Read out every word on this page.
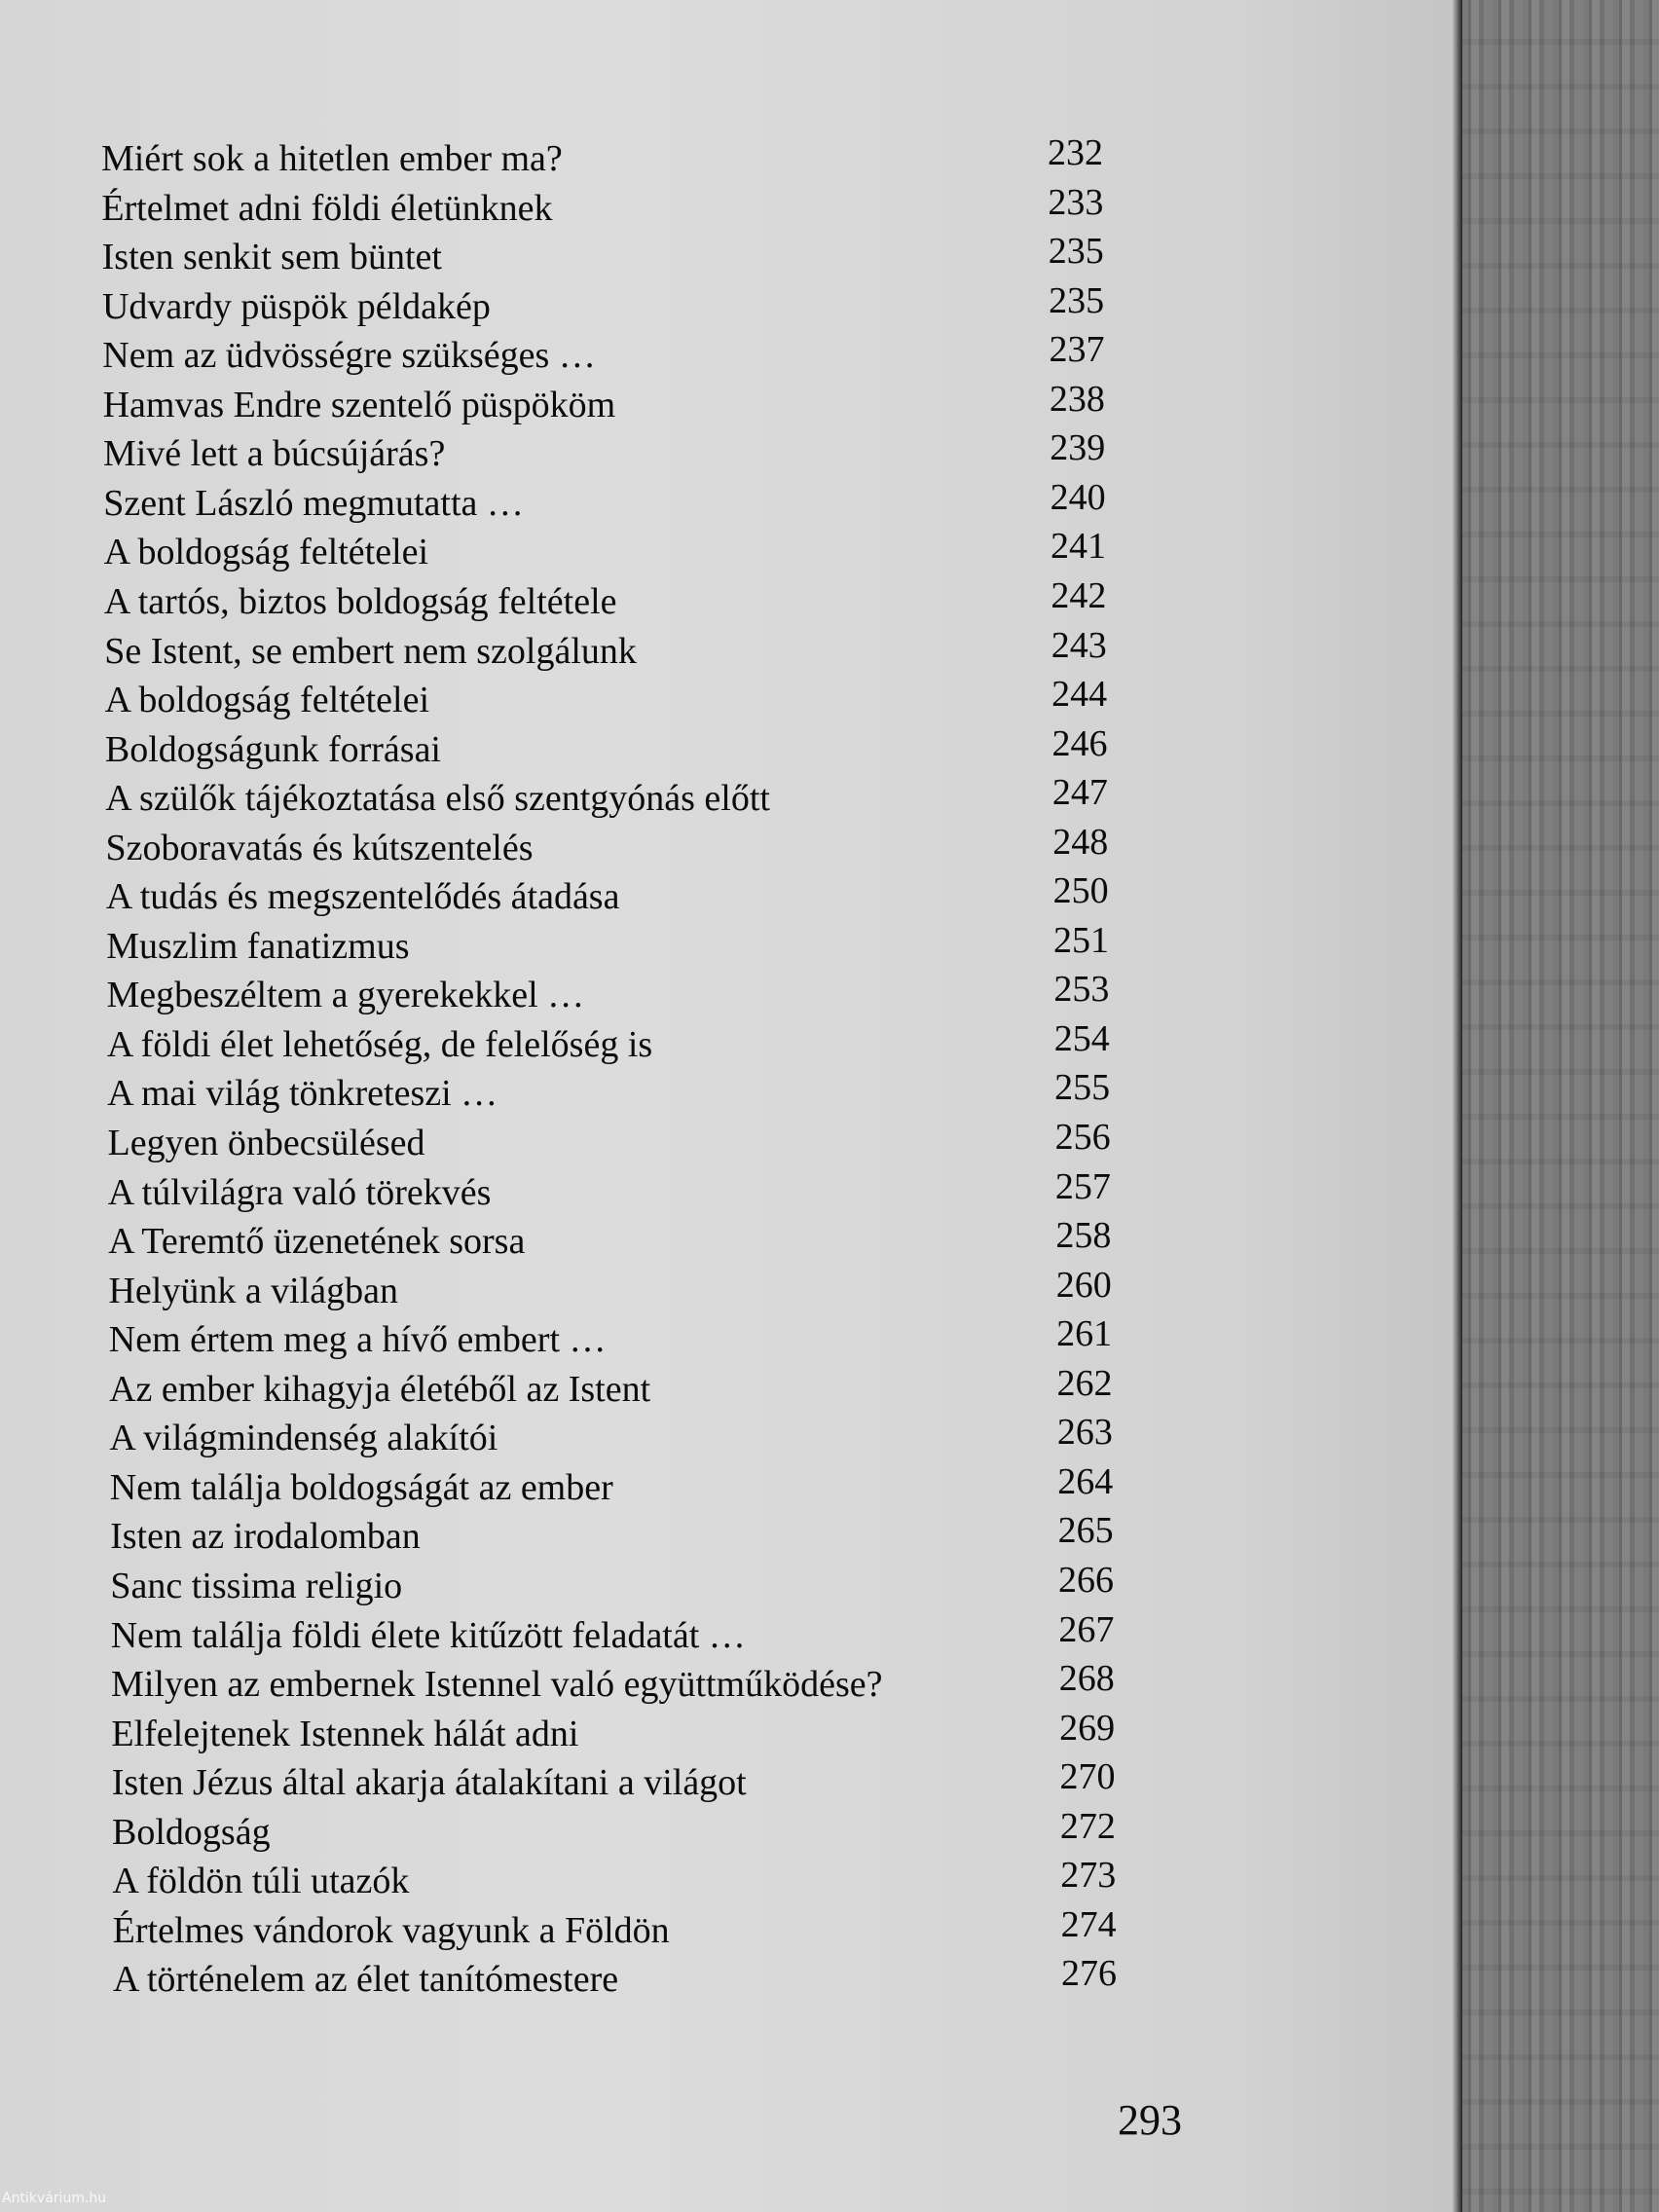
Miért sok a hitetlen ember ma?	232
Értelmet adni földi életünknek	233
Isten senkit sem büntet	235
Udvardy püspök példakép	235
Nem az üdvösségre szükséges …	237
Hamvas Endre szentelő püspököm	238
Mivé lett a búcsújárás?	239
Szent László megmutatta …	240
A boldogság feltételei	241
A tartós, biztos boldogság feltétele	242
Se Istent, se embert nem szolgálunk	243
A boldogság feltételei	244
Boldogságunk forrásai	246
A szülők tájékoztatása első szentgyónás előtt	247
Szoboravatás és kútszentelés	248
A tudás és megszentelődés átadása	250
Muszlim fanatizmus	251
Megbeszéltem a gyerekekkel …	253
A földi élet lehetőség, de felelőség is	254
A mai világ tönkreteszi …	255
Legyen önbecsülésed	256
A túlvilágra való törekvés	257
A Teremtő üzenetének sorsa	258
Helyünk a világban	260
Nem értem meg a hívő embert …	261
Az ember kihagyja életéből az Istent	262
A világmindenség alakítói	263
Nem találja boldogságát az ember	264
Isten az irodalomban	265
Sanc tissima religio	266
Nem találja földi élete kitűzött feladatát …	267
Milyen az embernek Istennel való együttműködése?	268
Elfelejtenek Istennek hálát adni	269
Isten Jézus által akarja átalakítani a világot	270
Boldogság	272
A földön túli utazók	273
Értelmes vándorok vagyunk a Földön	274
A történelem az élet tanítómestere	276
293
Antikvárium.hu
